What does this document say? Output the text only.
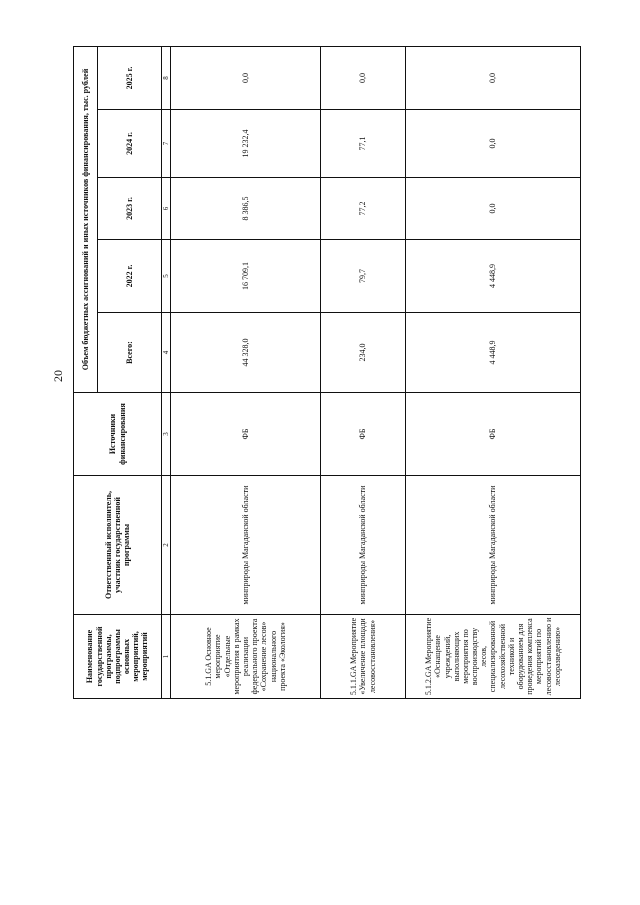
20
Наименование государственной программы, подпрограммы основных мероприятий, мероприятий	Ответственный исполнитель, участник государственной программы	Источники финансирования	Объем бюджетных ассигнований и иных источников финансирования, тыс. рублей				
			Всего:	2022 г.	2023 г.	2024 г.	2025 г.
1	2	3	4	5	6	7	8
5.1.GA Основное мероприятие «Отдельные мероприятия в рамках реализации федерального проекта «Сохранение лесов» национального проекта «Экология»	минприроды Магаданской области	ФБ	44 328,0	16 709,1	8 386,5	19 232,4	0,0
5.1.1.GA Мероприятие «Увеличение площади лесовосстановления»	минприроды Магаданской области	ФБ	234,0	79,7	77,2	77,1	0,0
5.1.2.GA Мероприятие «Оснащение учреждений, выполняющих мероприятия по воспроизводству лесов, специализированной лесохозяйственной техникой и оборудованием для проведения комплекса мероприятий по лесовосстановлению и лесоразведению»	минприроды Магаданской области	ФБ	4 448,9	4 448,9	0,0	0,0	0,0
